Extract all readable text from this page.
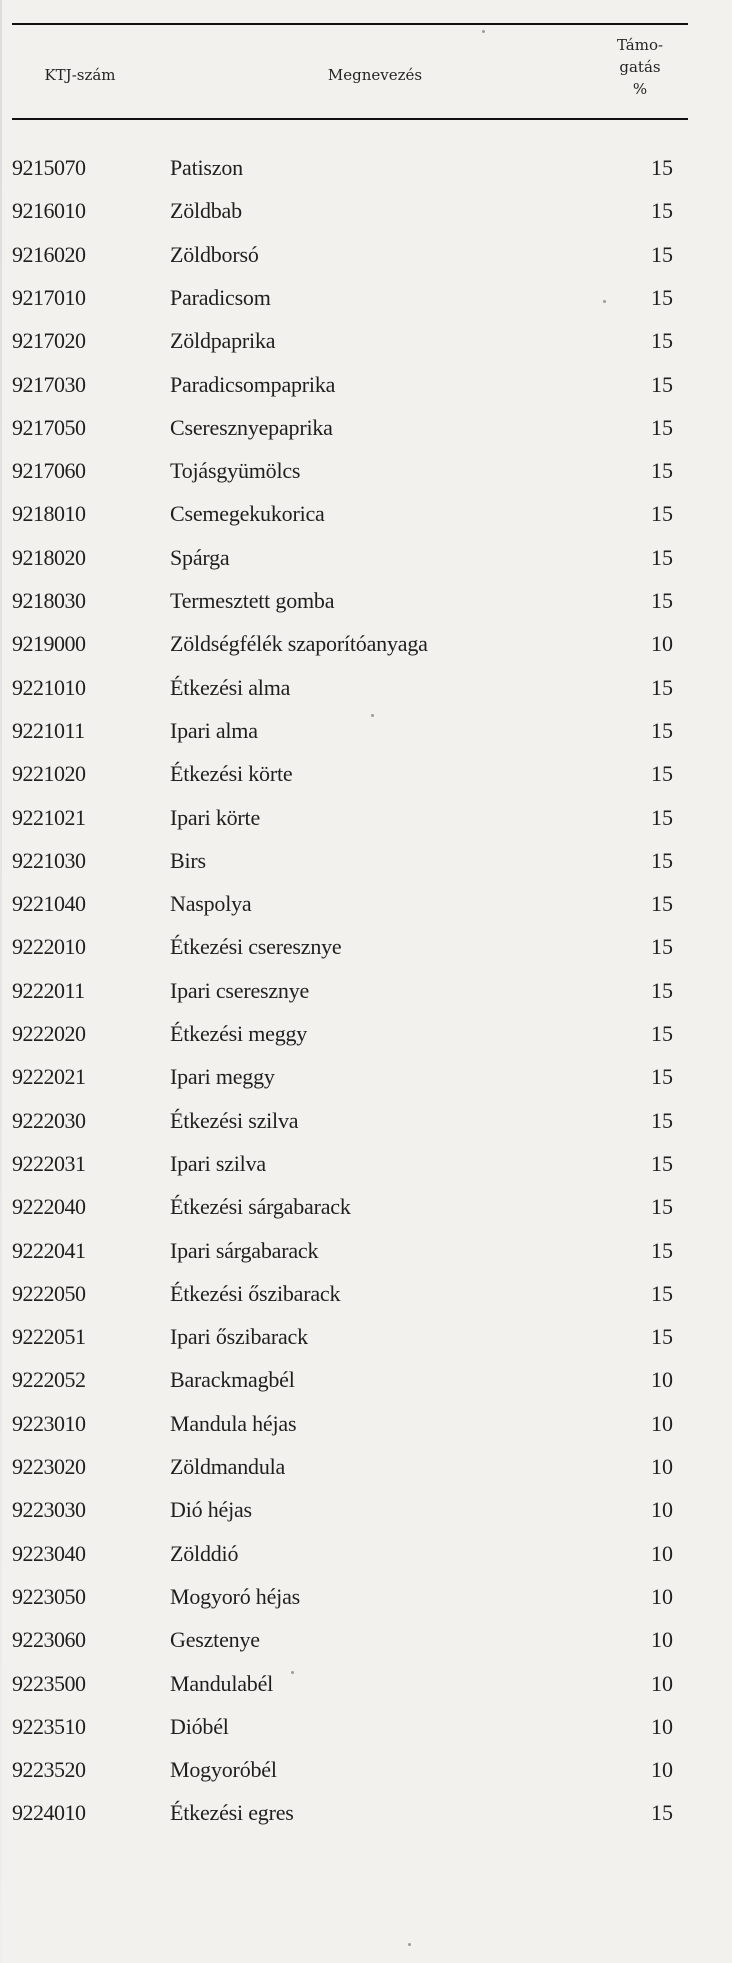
KTJ-szám	Megnevezés
Támo-
gatás
%
9215070	Patiszon	15
9216010	Zöldbab	15
9216020	Zöldborsó	15
9217010	Paradicsom	15
9217020	Zöldpaprika	15
9217030	Paradicsompaprika	15
9217050	Cseresznyepaprika	15
9217060	Tojásgyümölcs	15
9218010	Csemegekukorica	15
9218020	Spárga	15
9218030	Termesztett gomba	15
9219000	Zöldségfélék szaporítóanyaga	10
9221010	Étkezési alma	15
9221011	Ipari alma	15
9221020	Étkezési körte	15
9221021	Ipari körte	15
9221030	Birs	15
9221040	Naspolya	15
9222010	Étkezési cseresznye	15
9222011	Ipari cseresznye	15
9222020	Étkezési meggy	15
9222021	Ipari meggy	15
9222030	Étkezési szilva	15
9222031	Ipari szilva	15
9222040	Étkezési sárgabarack	15
9222041	Ipari sárgabarack	15
9222050	Étkezési őszibarack	15
9222051	Ipari őszibarack	15
9222052	Barackmagbél	10
9223010	Mandula héjas	10
9223020	Zöldmandula	10
9223030	Dió héjas	10
9223040	Zölddió	10
9223050	Mogyoró héjas	10
9223060	Gesztenye	10
9223500	Mandulabél	10
9223510	Dióbél	10
9223520	Mogyoróbél	10
9224010	Étkezési egres	15
